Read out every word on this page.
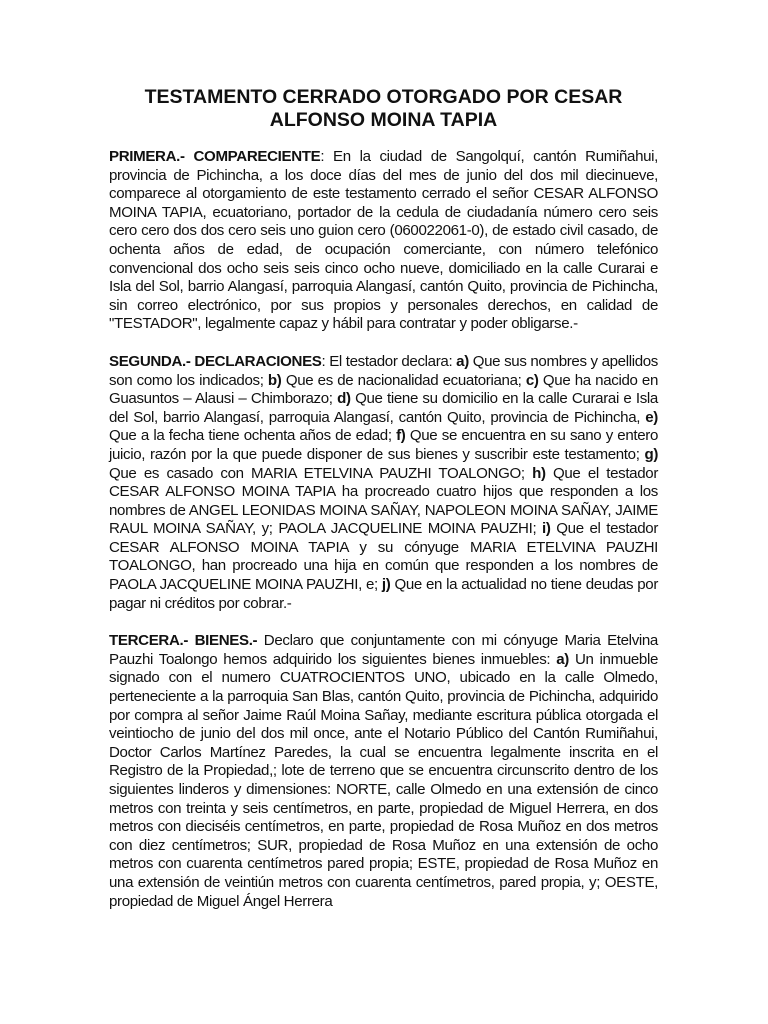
TESTAMENTO CERRADO OTORGADO POR CESAR
ALFONSO MOINA TAPIA

PRIMERA.- COMPARECIENTE: En la ciudad de Sangolquí, cantón Rumiñahui, provincia de Pichincha, a los doce días del mes de junio del dos mil diecinueve, comparece al otorgamiento de este testamento cerrado el señor CESAR ALFONSO MOINA TAPIA, ecuatoriano, portador de la cedula de ciudadanía número cero seis cero cero dos dos cero seis uno guion cero (060022061-0), de estado civil casado, de ochenta años de edad, de ocupación comerciante, con número telefónico convencional dos ocho seis seis cinco ocho nueve, domiciliado en la calle Curarai e Isla del Sol, barrio Alangasí, parroquia Alangasí, cantón Quito, provincia de Pichincha, sin correo electrónico, por sus propios y personales derechos, en calidad de "TESTADOR", legalmente capaz y hábil para contratar y poder obligarse.-

SEGUNDA.- DECLARACIONES: El testador declara: a) Que sus nombres y apellidos son como los indicados; b) Que es de nacionalidad ecuatoriana; c) Que ha nacido en Guasuntos – Alausi – Chimborazo; d) Que tiene su domicilio en la calle Curarai e Isla del Sol, barrio Alangasí, parroquia Alangasí, cantón Quito, provincia de Pichincha, e) Que a la fecha tiene ochenta años de edad; f) Que se encuentra en su sano y entero juicio, razón por la que puede disponer de sus bienes y suscribir este testamento; g) Que es casado con MARIA ETELVINA PAUZHI TOALONGO; h) Que el testador CESAR ALFONSO MOINA TAPIA ha procreado cuatro hijos que responden a los nombres de ANGEL LEONIDAS MOINA SAÑAY, NAPOLEON MOINA SAÑAY, JAIME RAUL MOINA SAÑAY, y; PAOLA JACQUELINE MOINA PAUZHI; i) Que el testador CESAR ALFONSO MOINA TAPIA y su cónyuge MARIA ETELVINA PAUZHI TOALONGO, han procreado una hija en común que responden a los nombres de PAOLA JACQUELINE MOINA PAUZHI, e; j) Que en la actualidad no tiene deudas por pagar ni créditos por cobrar.-

TERCERA.- BIENES.- Declaro que conjuntamente con mi cónyuge Maria Etelvina Pauzhi Toalongo hemos adquirido los siguientes bienes inmuebles: a) Un inmueble signado con el numero CUATROCIENTOS UNO, ubicado en la calle Olmedo, perteneciente a la parroquia San Blas, cantón Quito, provincia de Pichincha, adquirido por compra al señor Jaime Raúl Moina Sañay, mediante escritura pública otorgada el veintiocho de junio del dos mil once, ante el Notario Público del Cantón Rumiñahui, Doctor Carlos Martínez Paredes, la cual se encuentra legalmente inscrita en el Registro de la Propiedad,; lote de terreno que se encuentra circunscrito dentro de los siguientes linderos y dimensiones: NORTE, calle Olmedo en una extensión de cinco metros con treinta y seis centímetros, en parte, propiedad de Miguel Herrera, en dos metros con dieciséis centímetros, en parte, propiedad de Rosa Muñoz en dos metros con diez centímetros; SUR, propiedad de Rosa Muñoz en una extensión de ocho metros con cuarenta centímetros pared propia; ESTE, propiedad de Rosa Muñoz en una extensión de veintiún metros con cuarenta centímetros, pared propia, y; OESTE, propiedad de Miguel Ángel Herrera
